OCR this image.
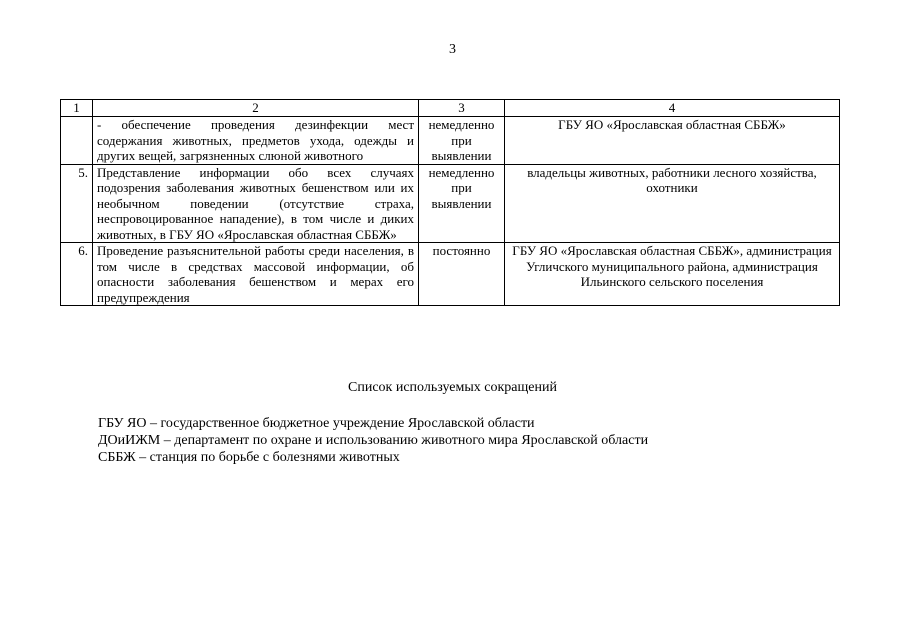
3
1	2	3	4
	- обеспечение проведения дезинфекции мест содержания животных, предметов ухода, одежды и других вещей, загрязненных слюной животного	немедленно при выявлении	ГБУ ЯО «Ярославская областная СББЖ»
5.	Представление информации обо всех случаях подозрения заболевания животных бешенством или их необычном поведении (отсутствие страха, неспровоцированное нападение), в том числе и диких животных, в ГБУ ЯО «Ярославская областная СББЖ»	немедленно при выявлении	владельцы животных, работники лесного хозяйства, охотники
6.	Проведение разъяснительной работы среди населения, в том числе в средствах массовой информации, об опасности заболевания бешенством и мерах его предупреждения	постоянно	ГБУ ЯО «Ярославская областная СББЖ», администрация Угличского муниципального района, администрация Ильинского сельского поселения
Список используемых сокращений
ГБУ ЯО – государственное бюджетное учреждение Ярославской области
ДОиИЖМ – департамент по охране и использованию животного мира Ярославской области
СББЖ – станция по борьбе с болезнями животных
